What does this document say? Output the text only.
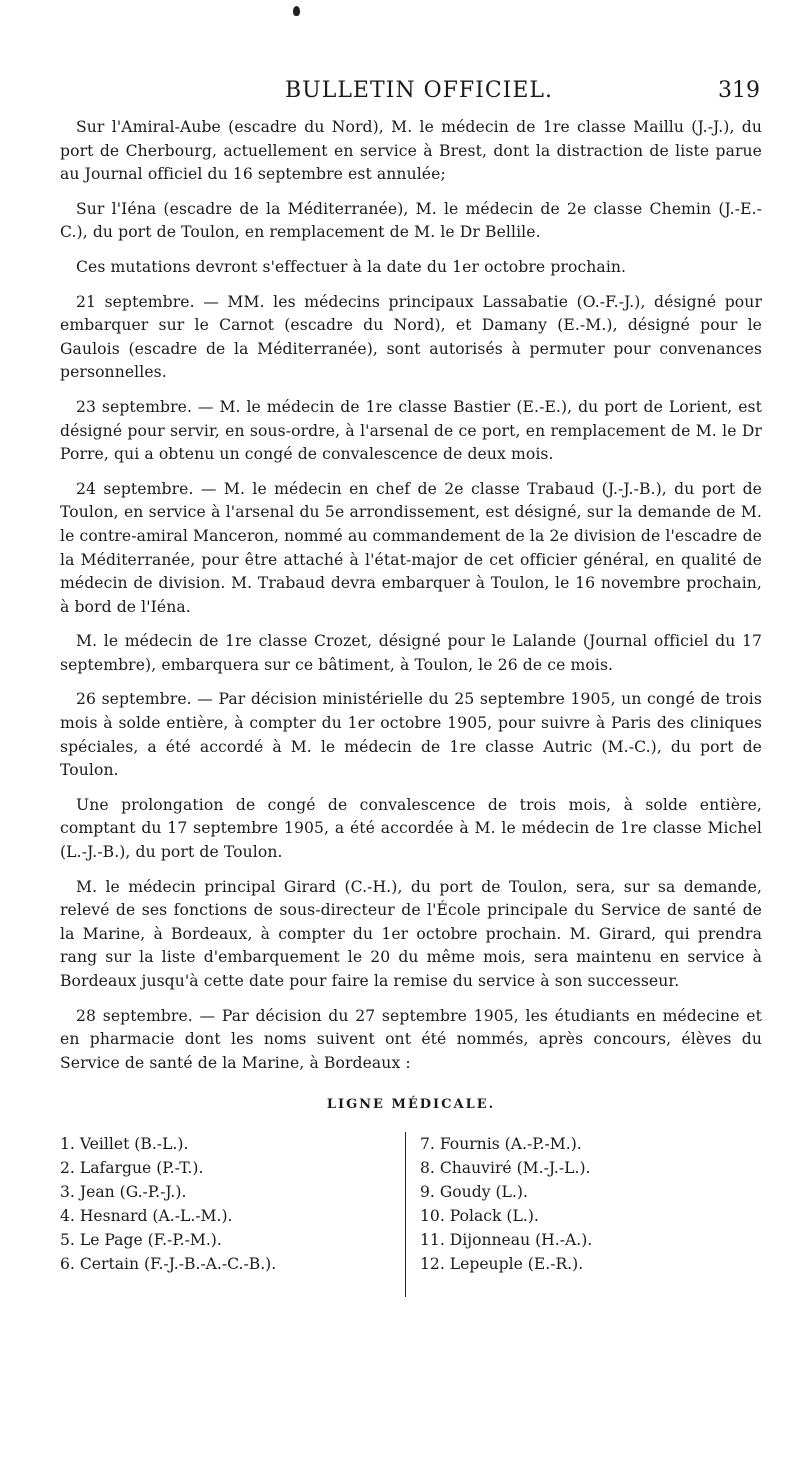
BULLETIN OFFICIEL.	319

Sur l'Amiral-Aube (escadre du Nord), M. le médecin de 1re classe Maillu (J.-J.), du port de Cherbourg, actuellement en service à Brest, dont la distraction de liste parue au Journal officiel du 16 septembre est annulée;

Sur l'Iéna (escadre de la Méditerranée), M. le médecin de 2e classe Chemin (J.-E.-C.), du port de Toulon, en remplacement de M. le Dr Bellile.

Ces mutations devront s'effectuer à la date du 1er octobre prochain.

21 septembre. — MM. les médecins principaux Lassabatie (O.-F.-J.), désigné pour embarquer sur le Carnot (escadre du Nord), et Damany (E.-M.), désigné pour le Gaulois (escadre de la Méditerranée), sont autorisés à permuter pour convenances personnelles.

23 septembre. — M. le médecin de 1re classe Bastier (E.-E.), du port de Lorient, est désigné pour servir, en sous-ordre, à l'arsenal de ce port, en remplacement de M. le Dr Porre, qui a obtenu un congé de convalescence de deux mois.

24 septembre. — M. le médecin en chef de 2e classe Trabaud (J.-J.-B.), du port de Toulon, en service à l'arsenal du 5e arrondissement, est désigné, sur la demande de M. le contre-amiral Manceron, nommé au commandement de la 2e division de l'escadre de la Méditerranée, pour être attaché à l'état-major de cet officier général, en qualité de médecin de division. M. Trabaud devra embarquer à Toulon, le 16 novembre prochain, à bord de l'Iéna.

M. le médecin de 1re classe Crozet, désigné pour le Lalande (Journal officiel du 17 septembre), embarquera sur ce bâtiment, à Toulon, le 26 de ce mois.

26 septembre. — Par décision ministérielle du 25 septembre 1905, un congé de trois mois à solde entière, à compter du 1er octobre 1905, pour suivre à Paris des cliniques spéciales, a été accordé à M. le médecin de 1re classe Autric (M.-C.), du port de Toulon.

Une prolongation de congé de convalescence de trois mois, à solde entière, comptant du 17 septembre 1905, a été accordée à M. le médecin de 1re classe Michel (L.-J.-B.), du port de Toulon.

M. le médecin principal Girard (C.-H.), du port de Toulon, sera, sur sa demande, relevé de ses fonctions de sous-directeur de l'École principale du Service de santé de la Marine, à Bordeaux, à compter du 1er octobre prochain. M. Girard, qui prendra rang sur la liste d'embarquement le 20 du même mois, sera maintenu en service à Bordeaux jusqu'à cette date pour faire la remise du service à son successeur.

28 septembre. — Par décision du 27 septembre 1905, les étudiants en médecine et en pharmacie dont les noms suivent ont été nommés, après concours, élèves du Service de santé de la Marine, à Bordeaux :

LIGNE MÉDICALE.
1. Veillet (B.-L.).
2. Lafargue (P.-T.).
3. Jean (G.-P.-J.).
4. Hesnard (A.-L.-M.).
5. Le Page (F.-P.-M.).
6. Certain (F.-J.-B.-A.-C.-B.).
7. Fournis (A.-P.-M.).
8. Chauviré (M.-J.-L.).
9. Goudy (L.).
10. Polack (L.).
11. Dijonneau (H.-A.).
12. Lepeuple (E.-R.).
